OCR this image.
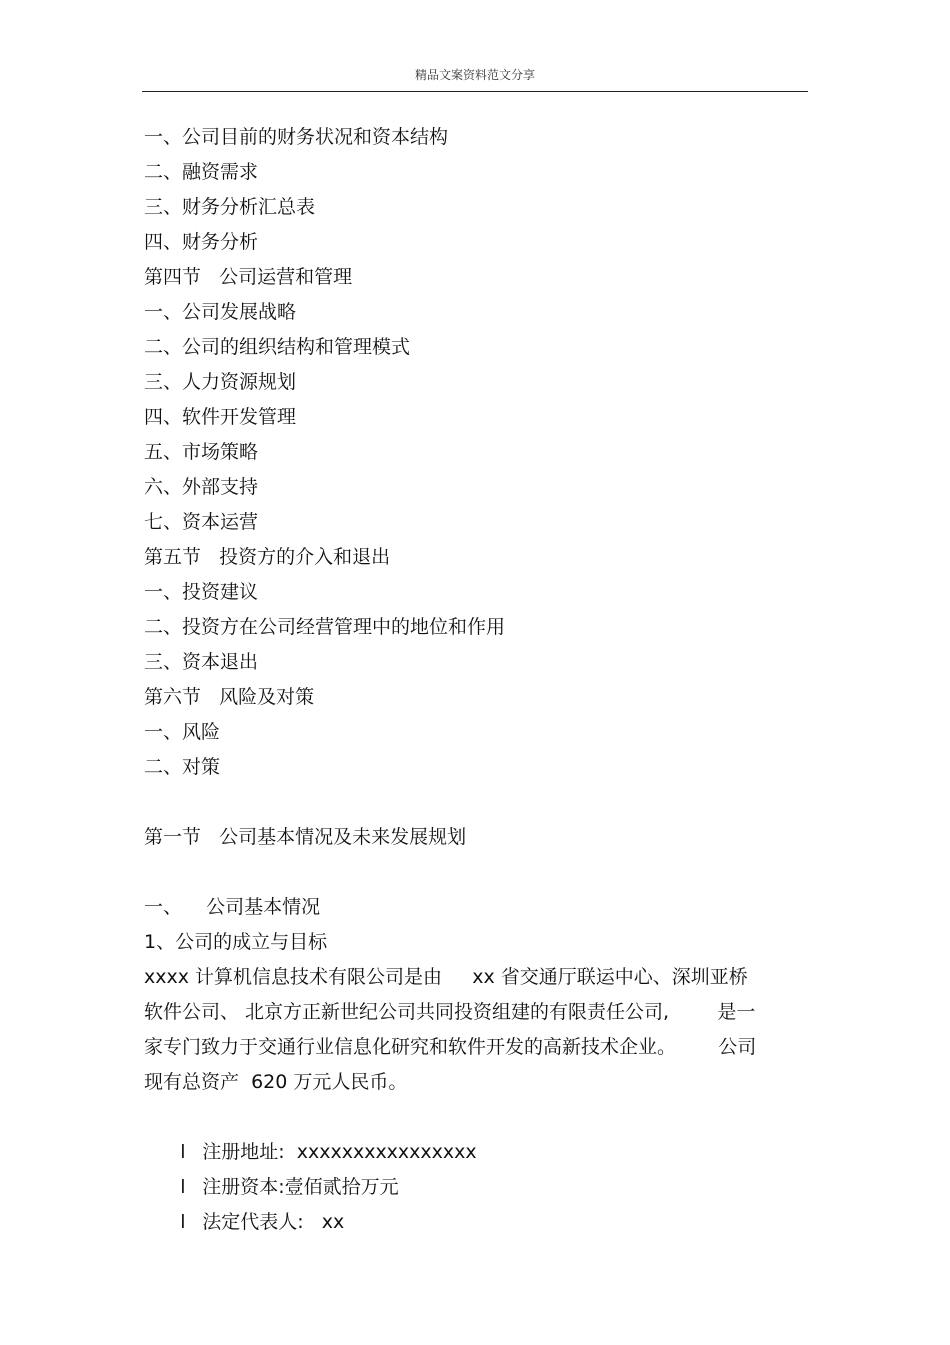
精品文案资料范文分享
一、公司目前的财务状况和资本结构
二、融资需求
三、财务分析汇总表
四、财务分析
第四节   公司运营和管理
一、公司发展战略
二、公司的组织结构和管理模式
三、人力资源规划
四、软件开发管理
五、市场策略
六、外部支持
七、资本运营
第五节   投资方的介入和退出
一、投资建议
二、投资方在公司经营管理中的地位和作用
三、资本退出
第六节   风险及对策
一、风险
二、对策
第一节   公司基本情况及未来发展规划
一、    公司基本情况
1、公司的成立与目标
xxxx 计算机信息技术有限公司是由     xx 省交通厅联运中心、深圳亚桥
软件公司、 北京方正新世纪公司共同投资组建的有限责任公司,        是一
家专门致力于交通行业信息化研究和软件开发的高新技术企业。       公司
现有总资产  620 万元人民币。

l 注册地址:  xxxxxxxxxxxxxxxx

l 注册资本:壹佰贰拾万元

l 法定代表人:   xx
